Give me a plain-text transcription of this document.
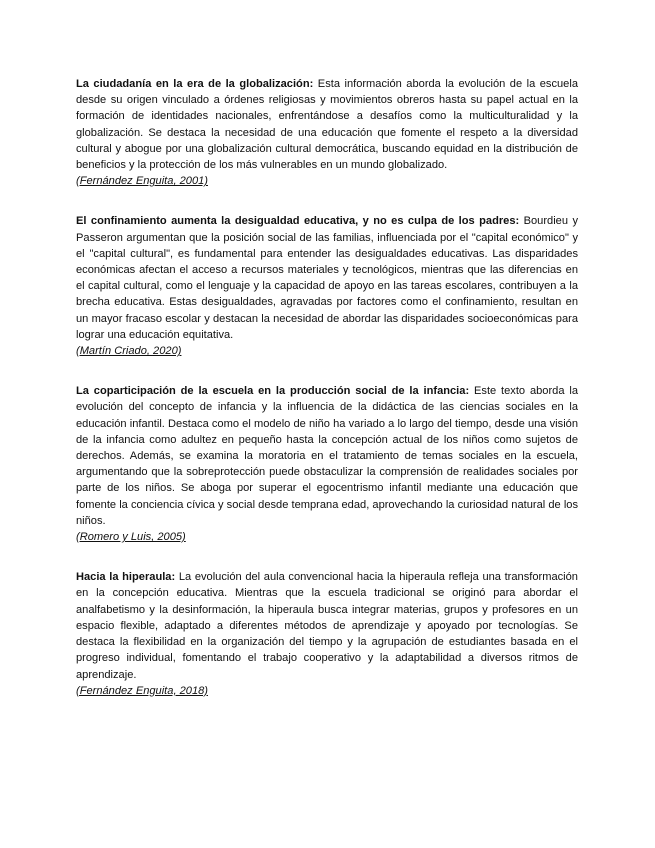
La ciudadanía en la era de la globalización: Esta información aborda la evolución de la escuela desde su origen vinculado a órdenes religiosas y movimientos obreros hasta su papel actual en la formación de identidades nacionales, enfrentándose a desafíos como la multiculturalidad y la globalización. Se destaca la necesidad de una educación que fomente el respeto a la diversidad cultural y abogue por una globalización cultural democrática, buscando equidad en la distribución de beneficios y la protección de los más vulnerables en un mundo globalizado.

(Fernández Enguita, 2001)

El confinamiento aumenta la desigualdad educativa, y no es culpa de los padres: Bourdieu y Passeron argumentan que la posición social de las familias, influenciada por el "capital económico" y el "capital cultural", es fundamental para entender las desigualdades educativas. Las disparidades económicas afectan el acceso a recursos materiales y tecnológicos, mientras que las diferencias en el capital cultural, como el lenguaje y la capacidad de apoyo en las tareas escolares, contribuyen a la brecha educativa. Estas desigualdades, agravadas por factores como el confinamiento, resultan en un mayor fracaso escolar y destacan la necesidad de abordar las disparidades socioeconómicas para lograr una educación equitativa.

(Martín Criado, 2020)

La coparticipación de la escuela en la producción social de la infancia: Este texto aborda la evolución del concepto de infancia y la influencia de la didáctica de las ciencias sociales en la educación infantil. Destaca como el modelo de niño ha variado a lo largo del tiempo, desde una visión de la infancia como adultez en pequeño hasta la concepción actual de los niños como sujetos de derechos. Además, se examina la moratoria en el tratamiento de temas sociales en la escuela, argumentando que la sobreprotección puede obstaculizar la comprensión de realidades sociales por parte de los niños. Se aboga por superar el egocentrismo infantil mediante una educación que fomente la conciencia cívica y social desde temprana edad, aprovechando la curiosidad natural de los niños.

(Romero y Luis, 2005)

Hacia la hiperaula: La evolución del aula convencional hacia la hiperaula refleja una transformación en la concepción educativa. Mientras que la escuela tradicional se originó para abordar el analfabetismo y la desinformación, la hiperaula busca integrar materias, grupos y profesores en un espacio flexible, adaptado a diferentes métodos de aprendizaje y apoyado por tecnologías. Se destaca la flexibilidad en la organización del tiempo y la agrupación de estudiantes basada en el progreso individual, fomentando el trabajo cooperativo y la adaptabilidad a diversos ritmos de aprendizaje.

(Fernández Enguita, 2018)
